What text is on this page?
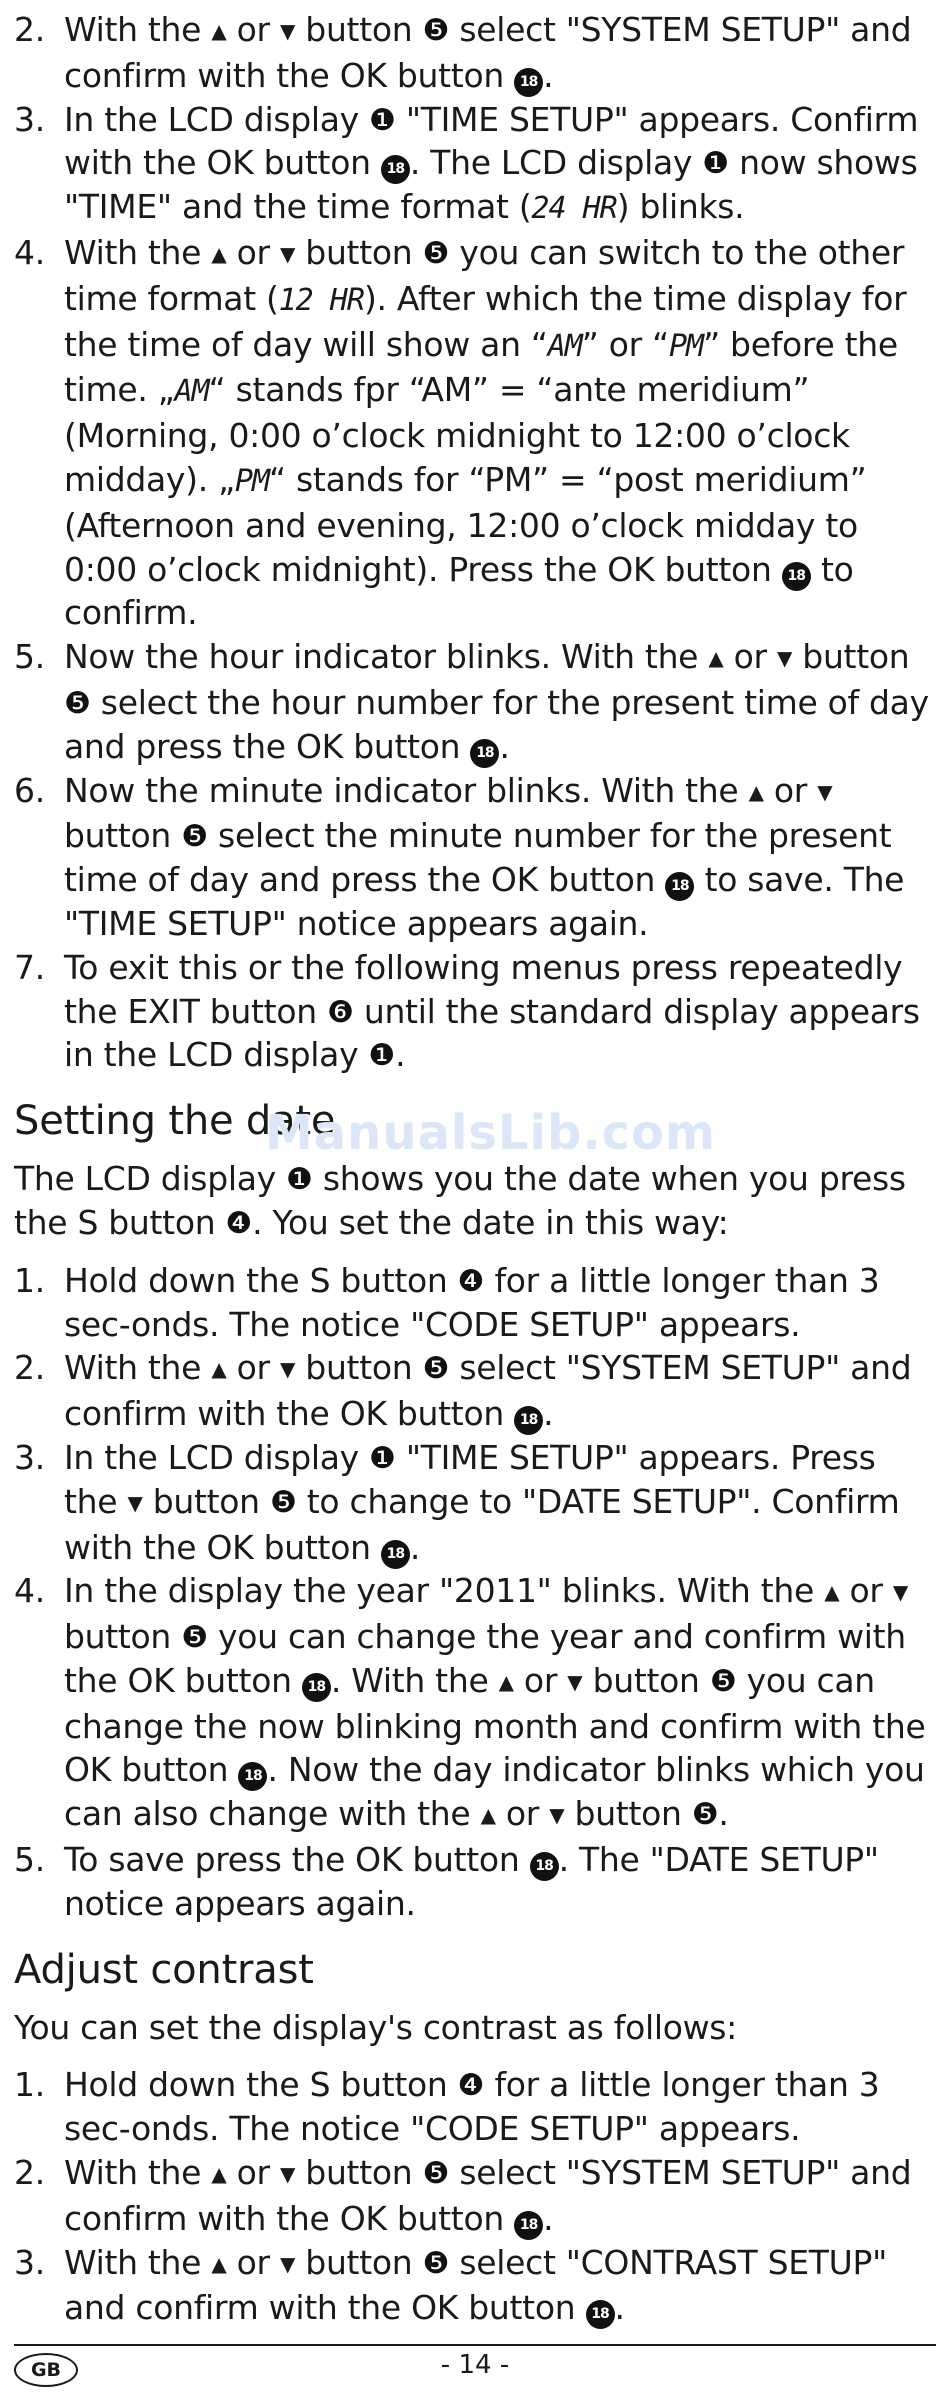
2. With the ▲ or ▼ button ❺ select "SYSTEM SETUP" and confirm with the OK button 18 .
3. In the LCD display ❶ "TIME SETUP" appears. Confirm with the OK button 18 . The LCD display ❶ now shows "TIME" and the time format (24 HR) blinks.
4. With the ▲ or ▼ button ❺ you can switch to the other time format (12 HR). After which the time display for the time of day will show an “AM” or “PM” before the time. „AM“ stands fpr “AM” = “ante meridium” (Morning, 0:00 o’clock midnight to 12:00 o’clock midday). „PM“ stands for “PM” = “post meridium” (Afternoon and evening, 12:00 o’clock midday to 0:00 o’clock midnight). Press the OK button 18 to confirm.
5. Now the hour indicator blinks. With the ▲ or ▼ button ❺ select the hour number for the present time of day and press the OK button 18 .
6. Now the minute indicator blinks. With the ▲ or ▼ button ❺ select the minute number for the present time of day and press the OK button 18 to save. The "TIME SETUP" notice appears again.
7. To exit this or the following menus press repeatedly the EXIT button ❻ until the standard display appears in the LCD display ❶.
Setting the date

The LCD display ❶ shows you the date when you press the S button ❹. You set the date in this way:

1. Hold down the S button ❹ for a little longer than 3 sec-onds. The notice "CODE SETUP" appears.
2. With the ▲ or ▼ button ❺ select "SYSTEM SETUP" and confirm with the OK button 18 .
3. In the LCD display ❶ "TIME SETUP" appears. Press the ▼ button ❺ to change to "DATE SETUP". Confirm with the OK button 18 .
4. In the display the year "2011" blinks. With the ▲ or ▼ button ❺ you can change the year and confirm with the OK button 18 . With the ▲ or ▼ button ❺ you can change the now blinking month and confirm with the OK button 18 . Now the day indicator blinks which you can also change with the ▲ or ▼ button ❺.
5. To save press the OK button 18 . The "DATE SETUP" notice appears again.
Adjust contrast

You can set the display's contrast as follows:

1. Hold down the S button ❹ for a little longer than 3 sec-onds. The notice "CODE SETUP" appears.
2. With the ▲ or ▼ button ❺ select "SYSTEM SETUP" and confirm with the OK button 18 .
3. With the ▲ or ▼ button ❺ select "CONTRAST SETUP" and confirm with the OK button 18 .
ManualsLib.com
GB	- 14 -
